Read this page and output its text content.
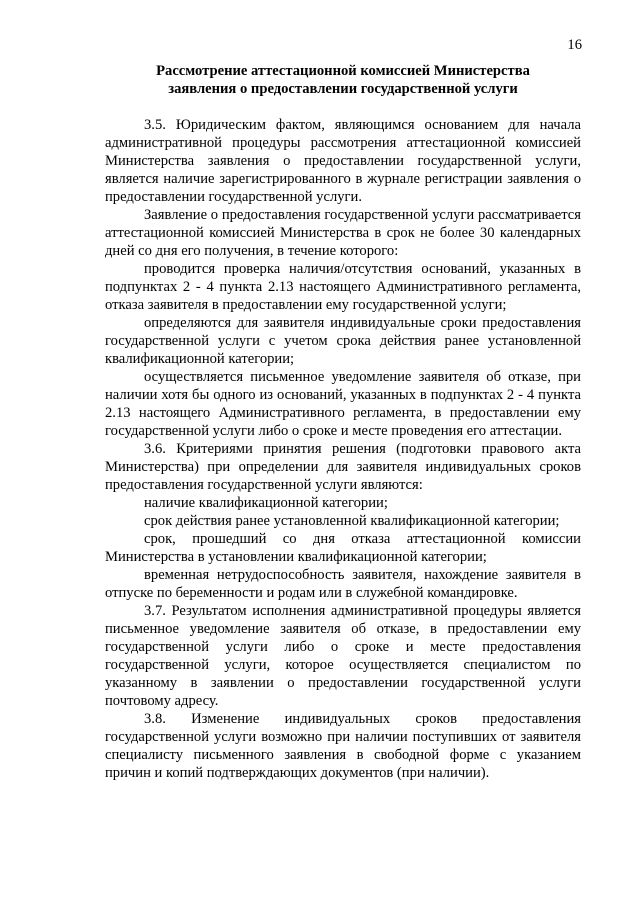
16
Рассмотрение аттестационной комиссией Министерства
заявления о предоставлении государственной услуги

3.5. Юридическим фактом, являющимся основанием для начала административной процедуры рассмотрения аттестационной комиссией Министерства заявления о предоставлении государственной услуги, является наличие зарегистрированного в журнале регистрации заявления о предоставлении государственной услуги.

Заявление о предоставления государственной услуги рассматривается аттестационной комиссией Министерства в срок не более 30 календарных дней со дня его получения, в течение которого:

проводится проверка наличия/отсутствия оснований, указанных в подпунктах 2 - 4 пункта 2.13 настоящего Административного регламента, отказа заявителя в предоставлении ему государственной услуги;

определяются для заявителя индивидуальные сроки предоставления государственной услуги с учетом срока действия ранее установленной квалификационной категории;

осуществляется письменное уведомление заявителя об отказе, при наличии хотя бы одного из оснований, указанных в подпунктах 2 - 4 пункта 2.13 настоящего Административного регламента, в предоставлении ему государственной услуги либо о сроке и месте проведения его аттестации.

3.6. Критериями принятия решения (подготовки правового акта Министерства) при определении для заявителя индивидуальных сроков предоставления государственной услуги являются:

наличие квалификационной категории;

срок действия ранее установленной квалификационной категории;

срок, прошедший со дня отказа аттестационной комиссии Министерства в установлении квалификационной категории;

временная нетрудоспособность заявителя, нахождение заявителя в отпуске по беременности и родам или в служебной командировке.

3.7. Результатом исполнения административной процедуры является письменное уведомление заявителя об отказе, в предоставлении ему государственной услуги либо о сроке и месте предоставления государственной услуги, которое осуществляется специалистом по указанному в заявлении о предоставлении государственной услуги почтовому адресу.

3.8. Изменение индивидуальных сроков предоставления государственной услуги возможно при наличии поступивших от заявителя специалисту письменного заявления в свободной форме с указанием причин и копий подтверждающих документов (при наличии).
